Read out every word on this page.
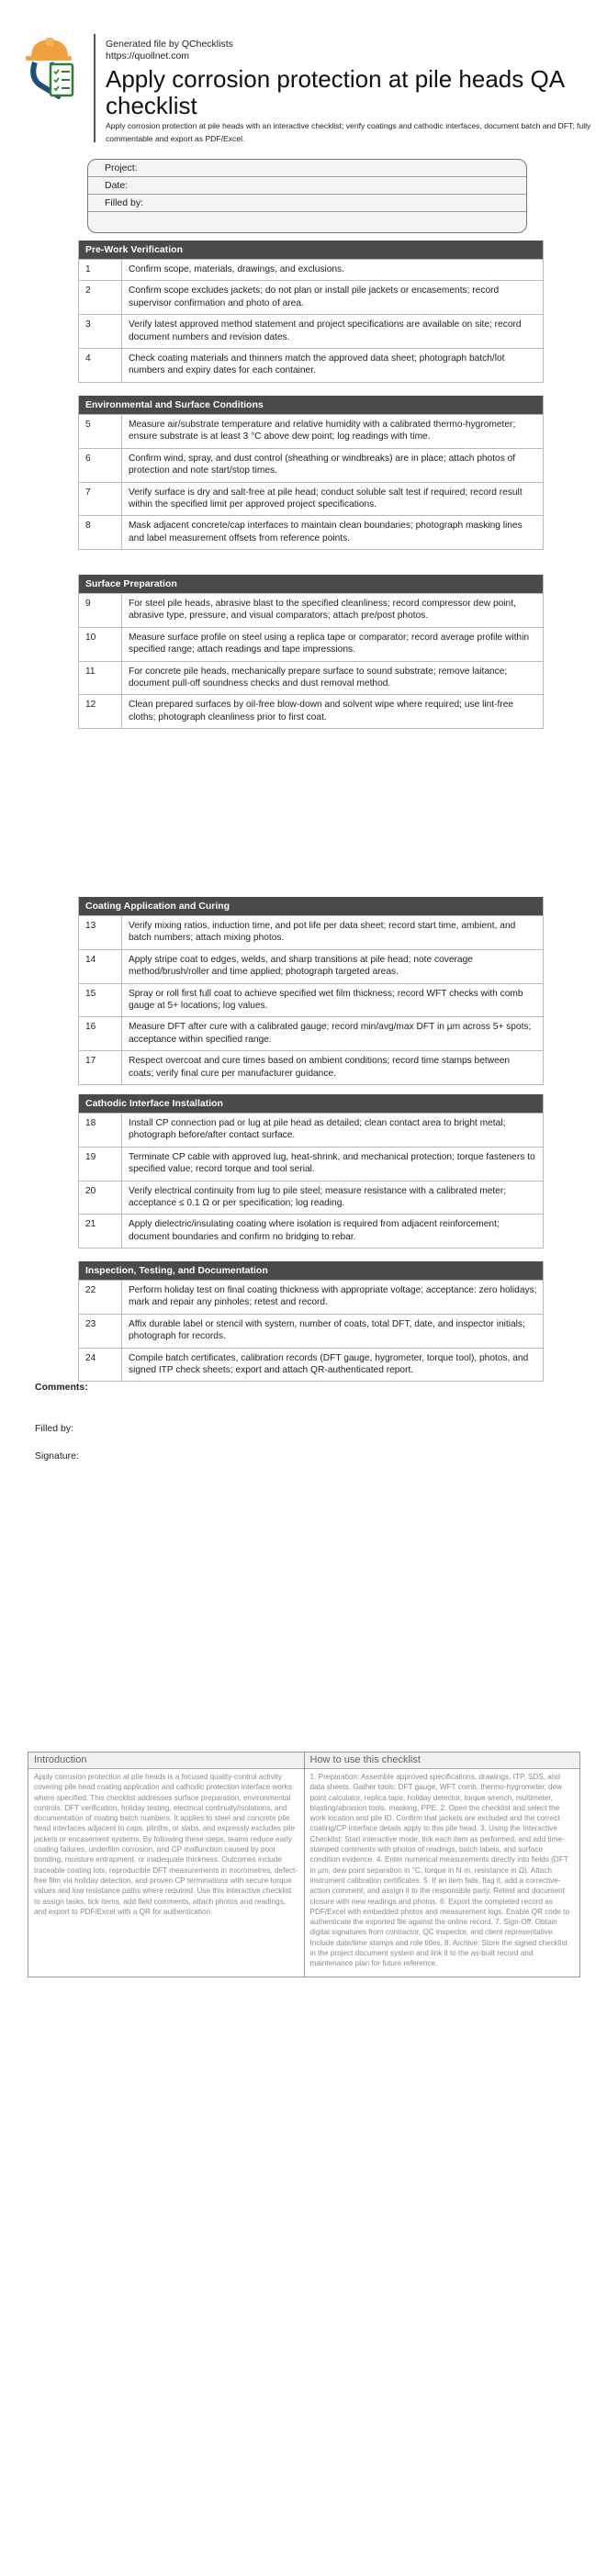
Generated file by QChecklists
https://quollnet.com
Apply corrosion protection at pile heads QA checklist
Apply corrosion protection at pile heads with an interactive checklist; verify coatings and cathodic interfaces, document batch and DFT; fully commentable and export as PDF/Excel.
Project:
Date:
Filled by:
Pre-Work Verification
1	Confirm scope, materials, drawings, and exclusions.
2	Confirm scope excludes jackets; do not plan or install pile jackets or encasements; record supervisor confirmation and photo of area.
3	Verify latest approved method statement and project specifications are available on site; record document numbers and revision dates.
4	Check coating materials and thinners match the approved data sheet; photograph batch/lot numbers and expiry dates for each container.
Environmental and Surface Conditions
5	Measure air/substrate temperature and relative humidity with a calibrated thermo-hygrometer; ensure substrate is at least 3 °C above dew point; log readings with time.
6	Confirm wind, spray, and dust control (sheathing or windbreaks) are in place; attach photos of protection and note start/stop times.
7	Verify surface is dry and salt-free at pile head; conduct soluble salt test if required; record result within the specified limit per approved project specifications.
8	Mask adjacent concrete/cap interfaces to maintain clean boundaries; photograph masking lines and label measurement offsets from reference points.
Surface Preparation
9	For steel pile heads, abrasive blast to the specified cleanliness; record compressor dew point, abrasive type, pressure, and visual comparators; attach pre/post photos.
10	Measure surface profile on steel using a replica tape or comparator; record average profile within specified range; attach readings and tape impressions.
11	For concrete pile heads, mechanically prepare surface to sound substrate; remove laitance; document pull-off soundness checks and dust removal method.
12	Clean prepared surfaces by oil-free blow-down and solvent wipe where required; use lint-free cloths; photograph cleanliness prior to first coat.
Coating Application and Curing
13	Verify mixing ratios, induction time, and pot life per data sheet; record start time, ambient, and batch numbers; attach mixing photos.
14	Apply stripe coat to edges, welds, and sharp transitions at pile head; note coverage method/brush/roller and time applied; photograph targeted areas.
15	Spray or roll first full coat to achieve specified wet film thickness; record WFT checks with comb gauge at 5+ locations; log values.
16	Measure DFT after cure with a calibrated gauge; record min/avg/max DFT in µm across 5+ spots; acceptance within specified range.
17	Respect overcoat and cure times based on ambient conditions; record time stamps between coats; verify final cure per manufacturer guidance.
Cathodic Interface Installation
18	Install CP connection pad or lug at pile head as detailed; clean contact area to bright metal; photograph before/after contact surface.
19	Terminate CP cable with approved lug, heat-shrink, and mechanical protection; torque fasteners to specified value; record torque and tool serial.
20	Verify electrical continuity from lug to pile steel; measure resistance with a calibrated meter; acceptance ≤ 0.1 Ω or per specification; log reading.
21	Apply dielectric/insulating coating where isolation is required from adjacent reinforcement; document boundaries and confirm no bridging to rebar.
Inspection, Testing, and Documentation
22	Perform holiday test on final coating thickness with appropriate voltage; acceptance: zero holidays; mark and repair any pinholes; retest and record.
23	Affix durable label or stencil with system, number of coats, total DFT, date, and inspector initials; photograph for records.
24	Compile batch certificates, calibration records (DFT gauge, hygrometer, torque tool), photos, and signed ITP check sheets; export and attach QR-authenticated report.
Comments:
Filled by:
Signature:
Introduction
Apply corrosion protection at pile heads is a focused quality-control activity covering pile head coating application and cathodic protection interface works where specified. This checklist addresses surface preparation, environmental controls, DFT verification, holiday testing, electrical continuity/isolations, and documentation of coating batch numbers. It applies to steel and concrete pile head interfaces adjacent to caps, plinths, or slabs, and expressly excludes pile jackets or encasement systems. By following these steps, teams reduce early coating failures, underfilm corrosion, and CP malfunction caused by poor bonding, moisture entrapment, or inadequate thickness. Outcomes include traceable coating lots, reproducible DFT measurements in micrometres, defect-free film via holiday detection, and proven CP terminations with secure torque values and low resistance paths where required. Use this interactive checklist to assign tasks, tick items, add field comments, attach photos and readings, and export to PDF/Excel with a QR for authentication.
How to use this checklist
1. Preparation: Assemble approved specifications, drawings, ITP, SDS, and data sheets. Gather tools: DFT gauge, WFT comb, thermo-hygrometer, dew point calculator, replica tape, holiday detector, torque wrench, multimeter, blasting/abrasion tools, masking, PPE. 2. Open the checklist and select the work location and pile ID. Confirm that jackets are excluded and the correct coating/CP interface details apply to this pile head. 3. Using the Interactive Checklist: Start interactive mode, tick each item as performed, and add time-stamped comments with photos of readings, batch labels, and surface condition evidence. 4. Enter numerical measurements directly into fields (DFT in µm, dew point separation in °C, torque in N·m, resistance in Ω). Attach instrument calibration certificates. 5. If an item fails, flag it, add a corrective-action comment, and assign it to the responsible party. Retest and document closure with new readings and photos. 6. Export the completed record as PDF/Excel with embedded photos and measurement logs. Enable QR code to authenticate the exported file against the online record. 7. Sign-Off: Obtain digital signatures from contractor, QC inspector, and client representative. Include date/time stamps and role titles. 8. Archive: Store the signed checklist in the project document system and link it to the as-built record and maintenance plan for future reference.
